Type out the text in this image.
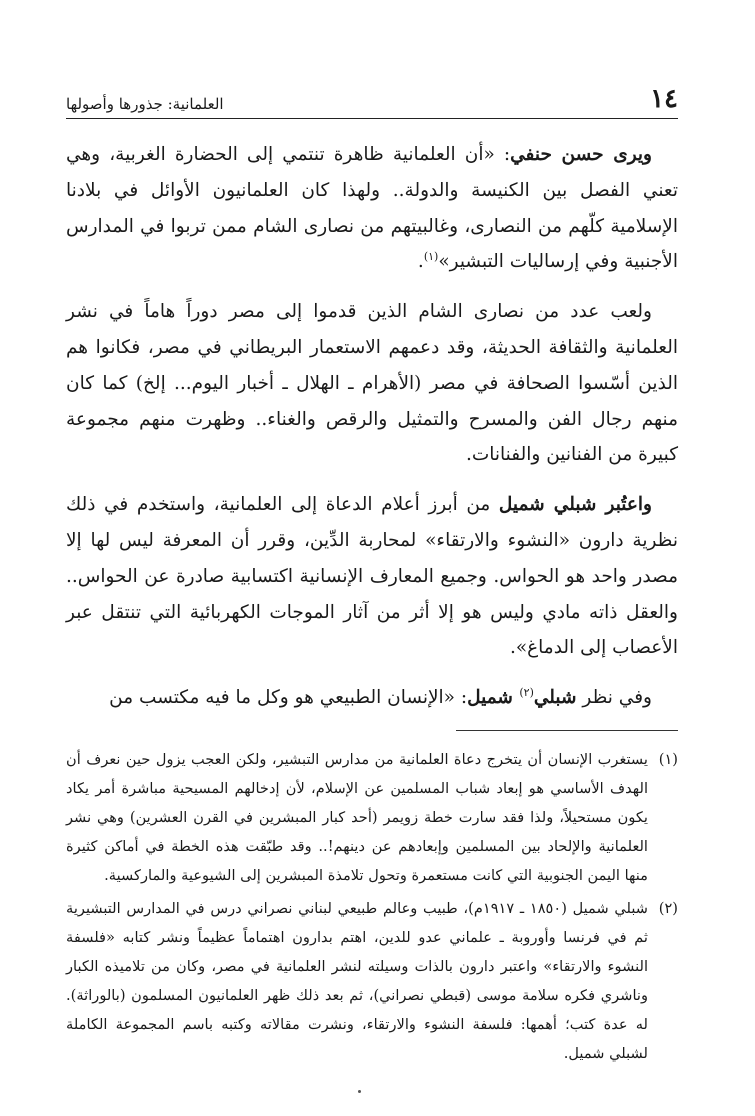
١٤
العلمانية: جذورها وأصولها

ويرى حسن حنفي: «أن العلمانية ظاهرة تنتمي إلى الحضارة الغربية، وهي تعني الفصل بين الكنيسة والدولة.. ولهذا كان العلمانيون الأوائل في بلادنا الإسلامية كلّهم من النصارى، وغالبيتهم من نصارى الشام ممن تربوا في المدارس الأجنبية وفي إرساليات التبشير»$^{(١)}$.

ولعب عدد من نصارى الشام الذين قدموا إلى مصر دوراً هاماً في نشر العلمانية والثقافة الحديثة، وقد دعمهم الاستعمار البريطاني في مصر، فكانوا هم الذين أسّسوا الصحافة في مصر (الأهرام ـ الهلال ـ أخبار اليوم... إلخ) كما كان منهم رجال الفن والمسرح والتمثيل والرقص والغناء.. وظهرت منهم مجموعة كبيرة من الفنانين والفنانات.

واعتُبر شبلي شميل من أبرز أعلام الدعاة إلى العلمانية، واستخدم في ذلك نظرية دارون «النشوء والارتقاء» لمحاربة الدِّين، وقرر أن المعرفة ليس لها إلا مصدر واحد هو الحواس. وجميع المعارف الإنسانية اكتسابية صادرة عن الحواس.. والعقل ذاته مادي وليس هو إلا أثر من آثار الموجات الكهربائية التي تنتقل عبر الأعصاب إلى الدماغ».

وفي نظر شبلي$^{(٢)}$ شميل: «الإنسان الطبيعي هو وكل ما فيه مكتسب من

(١)
يستغرب الإنسان أن يتخرج دعاة العلمانية من مدارس التبشير، ولكن العجب يزول حين نعرف أن الهدف الأساسي هو إبعاد شباب المسلمين عن الإسلام، لأن إدخالهم المسيحية مباشرة أمر يكاد يكون مستحيلاً، ولذا فقد سارت خطة زويمر (أحد كبار المبشرين في القرن العشرين) وهي نشر العلمانية والإلحاد بين المسلمين وإبعادهم عن دينهم!.. وقد طبّقت هذه الخطة في أماكن كثيرة منها اليمن الجنوبية التي كانت مستعمرة وتحول تلامذة المبشرين إلى الشيوعية والماركسية.
(٢)
شبلي شميل (١٨٥٠ ـ ١٩١٧م)، طبيب وعالم طبيعي لبناني نصراني درس في المدارس التبشيرية ثم في فرنسا وأوروبة ـ علماني عدو للدين، اهتم بدارون اهتماماً عظيماً ونشر كتابه «فلسفة النشوء والارتقاء» واعتبر دارون بالذات وسيلته لنشر العلمانية في مصر، وكان من تلاميذه الكبار وناشري فكره سلامة موسى (قبطي نصراني)، ثم بعد ذلك ظهر العلمانيون المسلمون (بالوراثة). له عدة كتب؛ أهمها: فلسفة النشوء والارتقاء، ونشرت مقالاته وكتبه باسم المجموعة الكاملة لشبلي شميل.
